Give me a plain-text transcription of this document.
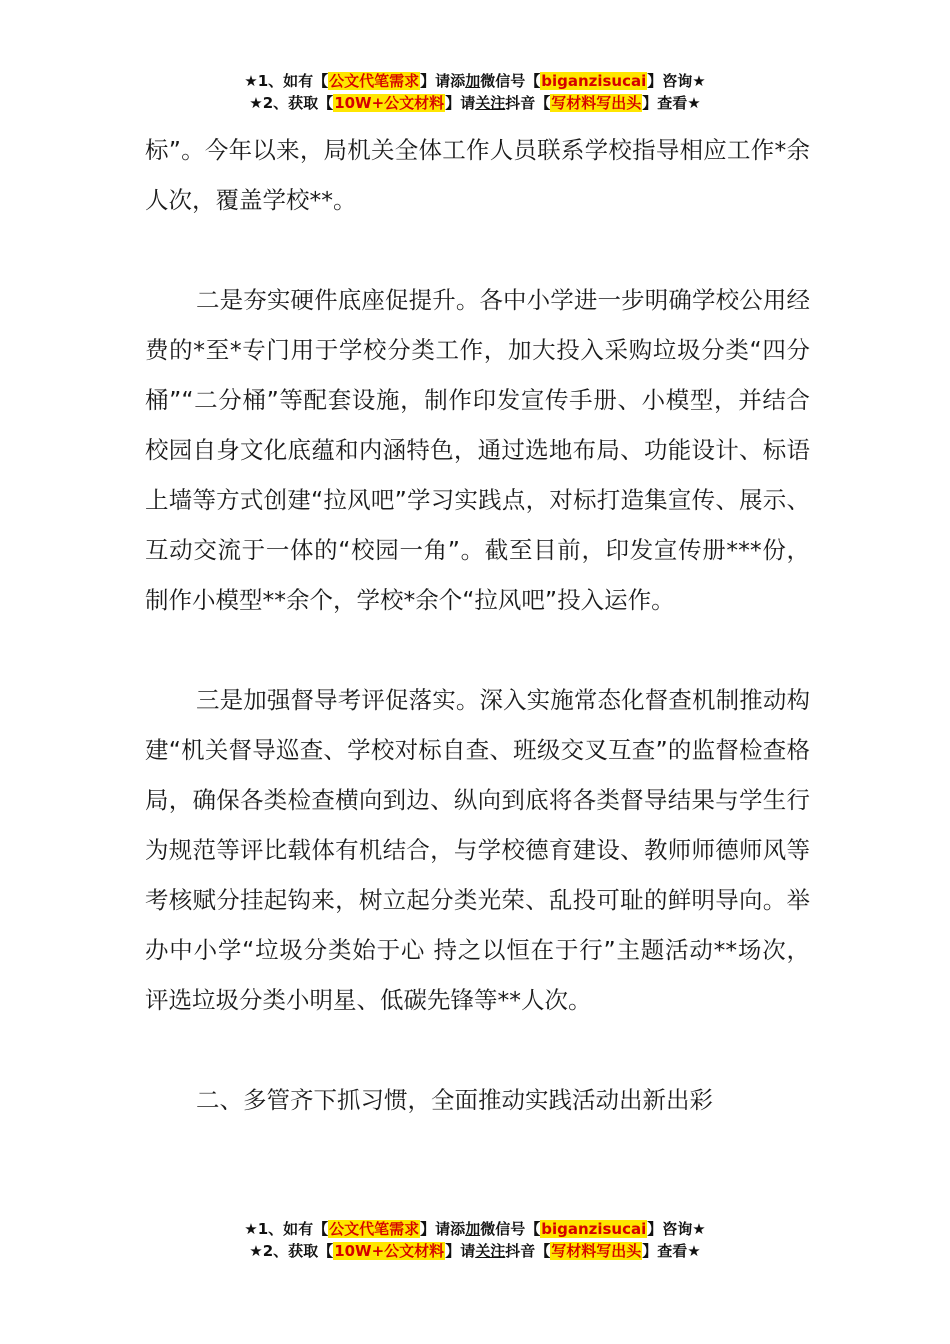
★1、如有【公文代笔需求】请添加微信号【biganzisucai】咨询★
★2、获取【10W+公文材料】请关注抖音【写材料写出头】查看★

标”。今年以来，局机关全体工作人员联系学校指导相应工作*余人次，覆盖学校**。

二是夯实硬件底座促提升。各中小学进一步明确学校公用经费的*至*专门用于学校分类工作，加大投入采购垃圾分类“四分桶”“二分桶”等配套设施，制作印发宣传手册、小模型，并结合校园自身文化底蕴和内涵特色，通过选地布局、功能设计、标语上墙等方式创建“拉风吧”学习实践点，对标打造集宣传、展示、互动交流于一体的“校园一角”。截至目前，印发宣传册***份，制作小模型**余个，学校*余个“拉风吧”投入运作。

三是加强督导考评促落实。深入实施常态化督查机制推动构建“机关督导巡查、学校对标自查、班级交叉互查”的监督检查格局，确保各类检查横向到边、纵向到底将各类督导结果与学生行为规范等评比载体有机结合，与学校德育建设、教师师德师风等考核赋分挂起钩来，树立起分类光荣、乱投可耻的鲜明导向。举办中小学“垃圾分类始于心 持之以恒在于行”主题活动**场次，评选垃圾分类小明星、低碳先锋等**人次。

二、多管齐下抓习惯，全面推动实践活动出新出彩

★1、如有【公文代笔需求】请添加微信号【biganzisucai】咨询★
★2、获取【10W+公文材料】请关注抖音【写材料写出头】查看★
